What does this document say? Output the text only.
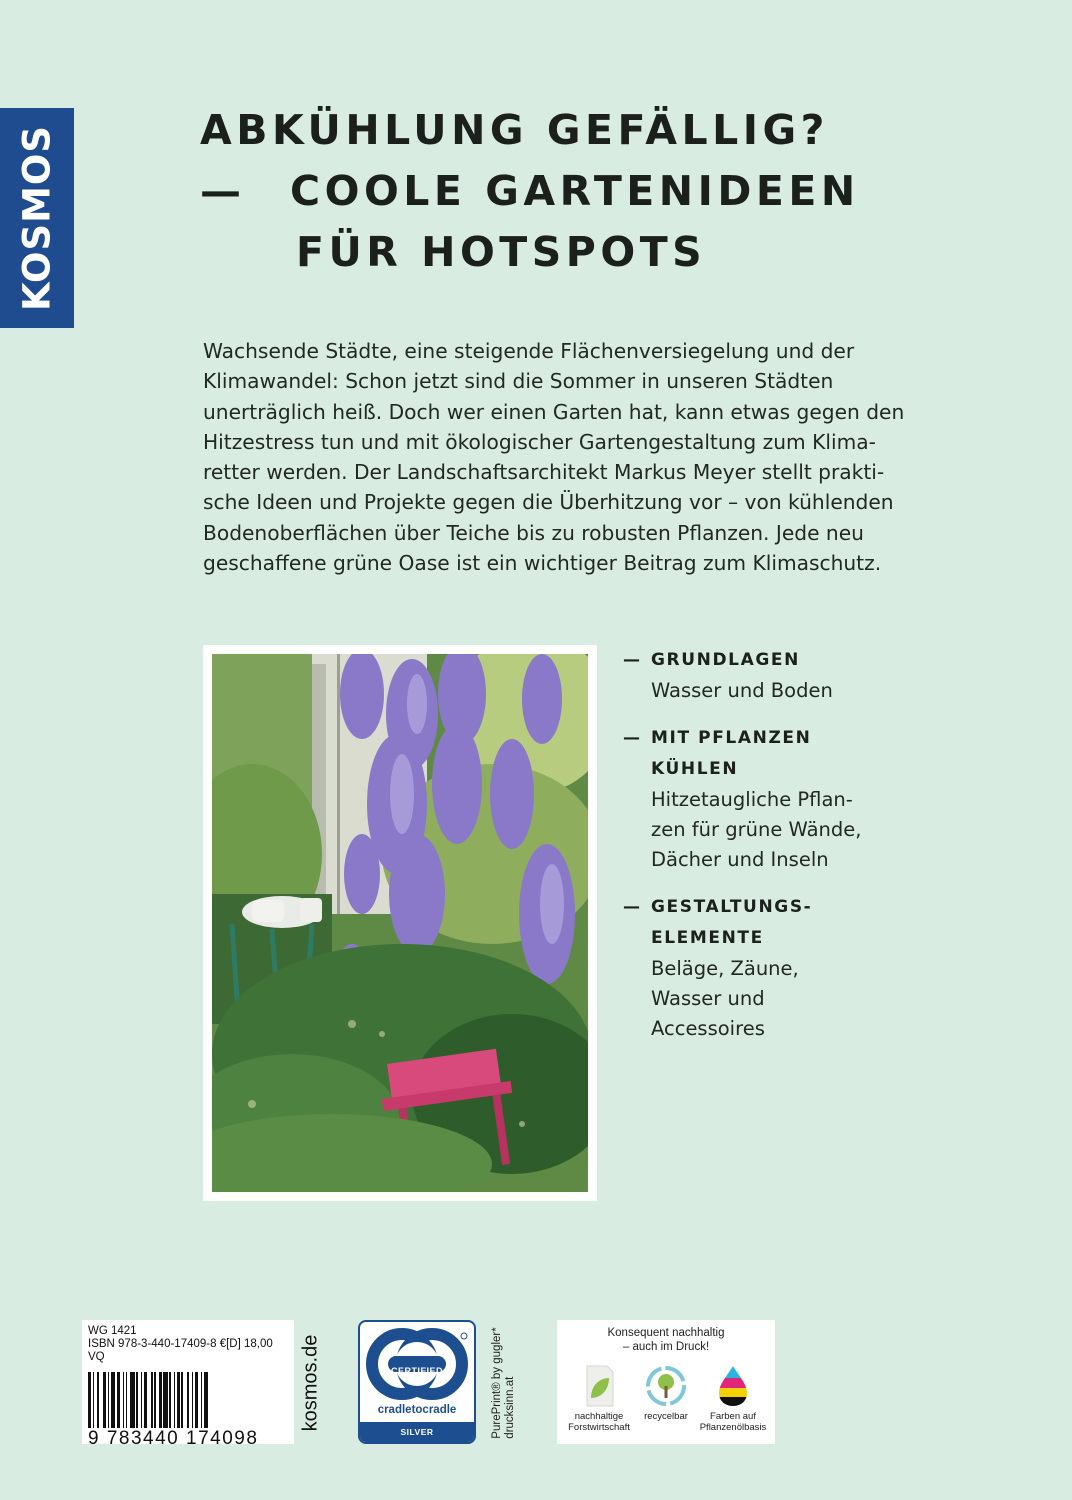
KOSMOS	ABKÜHLUNG GEFÄLLIG?
— COOLE GARTENIDEEN
FÜR HOTSPOTS
Wachsende Städte, eine steigende Flächenversiegelung und der
Klimawandel: Schon jetzt sind die Sommer in unseren Städten
unerträglich heiß. Doch wer einen Garten hat, kann etwas gegen den
Hitzestress tun und mit ökologischer Gartengestaltung zum Klima-
retter werden. Der Landschaftsarchitekt Markus Meyer stellt prakti-
sche Ideen und Projekte gegen die Überhitzung vor – von kühlenden
Bodenoberflächen über Teiche bis zu robusten Pflanzen. Jede neu
geschaffene grüne Oase ist ein wichtiger Beitrag zum Klimaschutz.
— GRUNDLAGEN
Wasser und Boden
— MIT PFLANZEN
KÜHLEN
Hitzetaugliche Pflan-
zen für grüne Wände,
Dächer und Inseln
— GESTALTUNGS-
ELEMENTE
Beläge, Zäune,
Wasser und
Accessoires
WG 1421
ISBN 978-3-440-17409-8 €[D] 18,00
VQ
9 783440 174098
kosmos.de	CERTIFIED
cradletocradle
SILVER	PurePrint® by gugler* drucksinn.at
Konsequent nachhaltig
– auch im Druck!
nachhaltige
Forstwirtschaft
recycelbar	Farben auf
Pflanzenölbasis
